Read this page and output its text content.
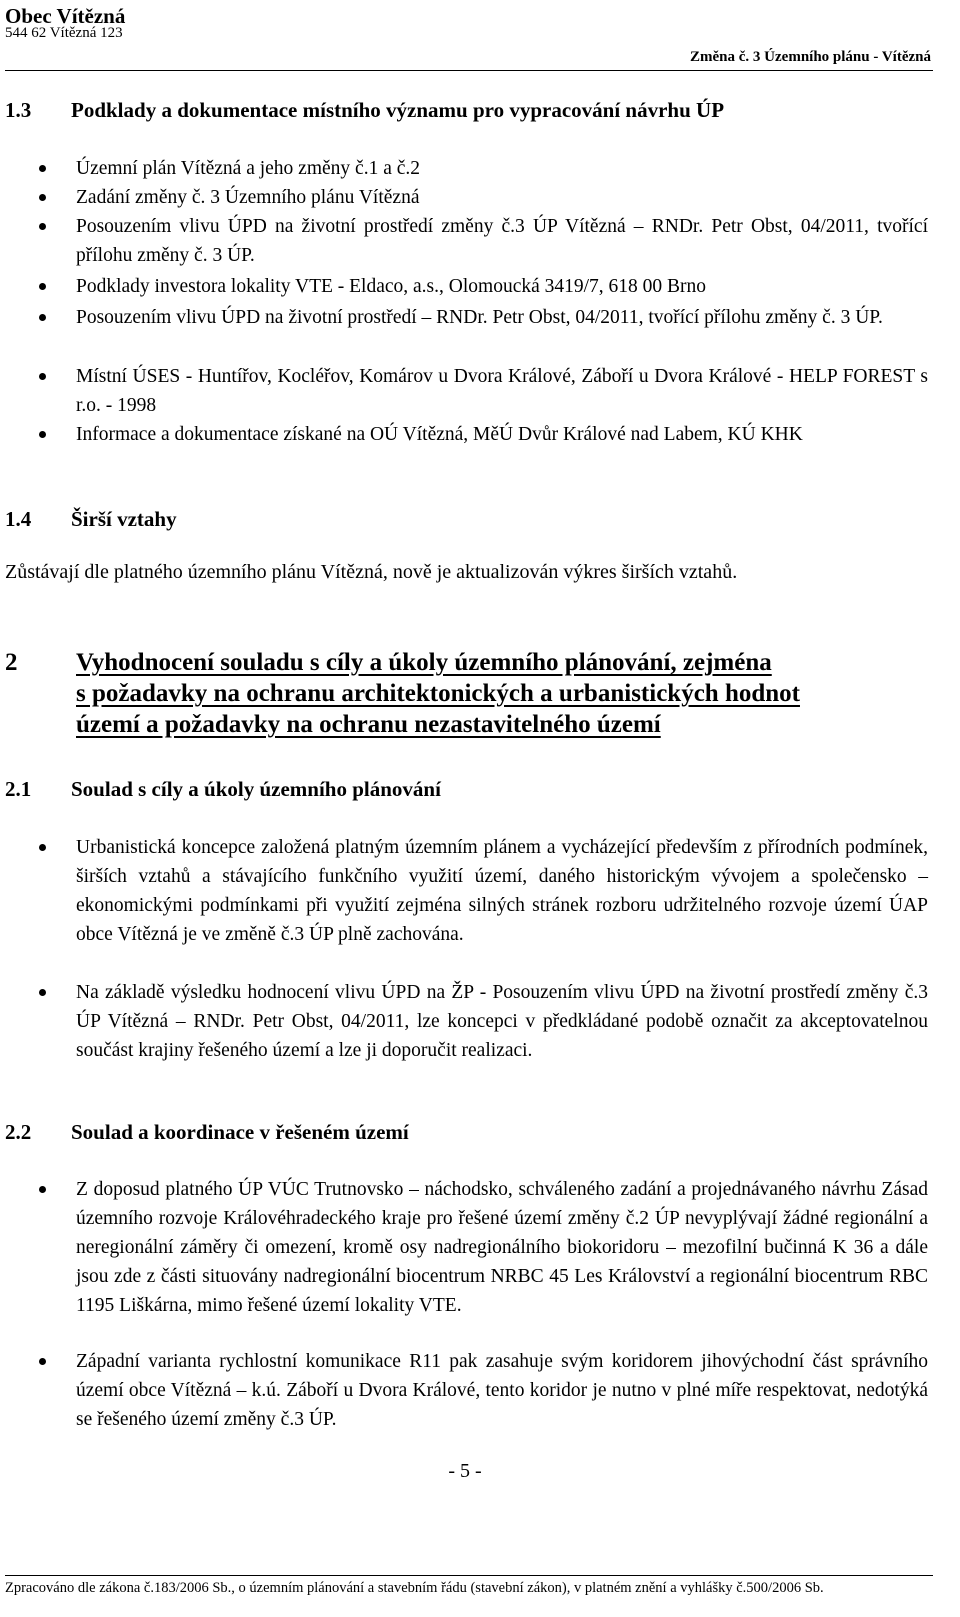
Obec Vítězná
544 62 Vítězná 123
Změna č. 3 Územního plánu - Vítězná
1.3 Podklady a dokumentace místního významu pro vypracování návrhu ÚP
Územní plán Vítězná a jeho změny č.1 a č.2
Zadání změny č. 3 Územního plánu Vítězná
Posouzením vlivu ÚPD na životní prostředí změny č.3 ÚP Vítězná – RNDr. Petr Obst, 04/2011, tvořící přílohu změny č. 3 ÚP.
Podklady investora lokality VTE - Eldaco, a.s., Olomoucká 3419/7, 618 00 Brno
Posouzením vlivu ÚPD na životní prostředí – RNDr. Petr Obst, 04/2011, tvořící přílohu změny č. 3 ÚP.
Místní ÚSES - Huntířov, Kocléřov, Komárov u Dvora Králové, Záboří u Dvora Králové - HELP FOREST s r.o. - 1998
Informace a dokumentace získané na OÚ Vítězná, MěÚ Dvůr Králové nad Labem, KÚ KHK
1.4 Širší vztahy
Zůstávají dle platného územního plánu Vítězná, nově je aktualizován výkres širších vztahů.
2 Vyhodnocení souladu s cíly a úkoly územního plánování, zejména
s požadavky na ochranu architektonických a urbanistických hodnot
území a požadavky na ochranu nezastavitelného území
2.1 Soulad s cíly a úkoly územního plánování
Urbanistická koncepce založená platným územním plánem a vycházející především z přírodních podmínek, širších vztahů a stávajícího funkčního využití území, daného historickým vývojem a společensko – ekonomickými podmínkami při využití zejména silných stránek rozboru udržitelného rozvoje území ÚAP obce Vítězná je ve změně č.3 ÚP plně zachována.
Na základě výsledku hodnocení vlivu ÚPD na ŽP - Posouzením vlivu ÚPD na životní prostředí změny č.3 ÚP Vítězná – RNDr. Petr Obst, 04/2011, lze koncepci v předkládané podobě označit za akceptovatelnou součást krajiny řešeného území a lze ji doporučit realizaci.
2.2 Soulad a koordinace v řešeném území
Z doposud platného ÚP VÚC Trutnovsko – náchodsko, schváleného zadání a projednávaného návrhu Zásad územního rozvoje Královéhradeckého kraje pro řešené území změny č.2 ÚP nevyplývají žádné regionální a neregionální záměry či omezení, kromě osy nadregionálního biokoridoru – mezofilní bučinná K 36 a dále jsou zde z části situovány nadregionální biocentrum NRBC 45 Les Království a regionální biocentrum RBC 1195 Liškárna, mimo řešené území lokality VTE.
Západní varianta rychlostní komunikace R11 pak zasahuje svým koridorem jihovýchodní část správního území obce Vítězná – k.ú. Záboří u Dvora Králové, tento koridor je nutno v plné míře respektovat, nedotýká se řešeného území změny č.3 ÚP.
- 5 -
Zpracováno dle zákona č.183/2006 Sb., o územním plánování a stavebním řádu (stavební zákon), v platném znění a vyhlášky č.500/2006 Sb.
